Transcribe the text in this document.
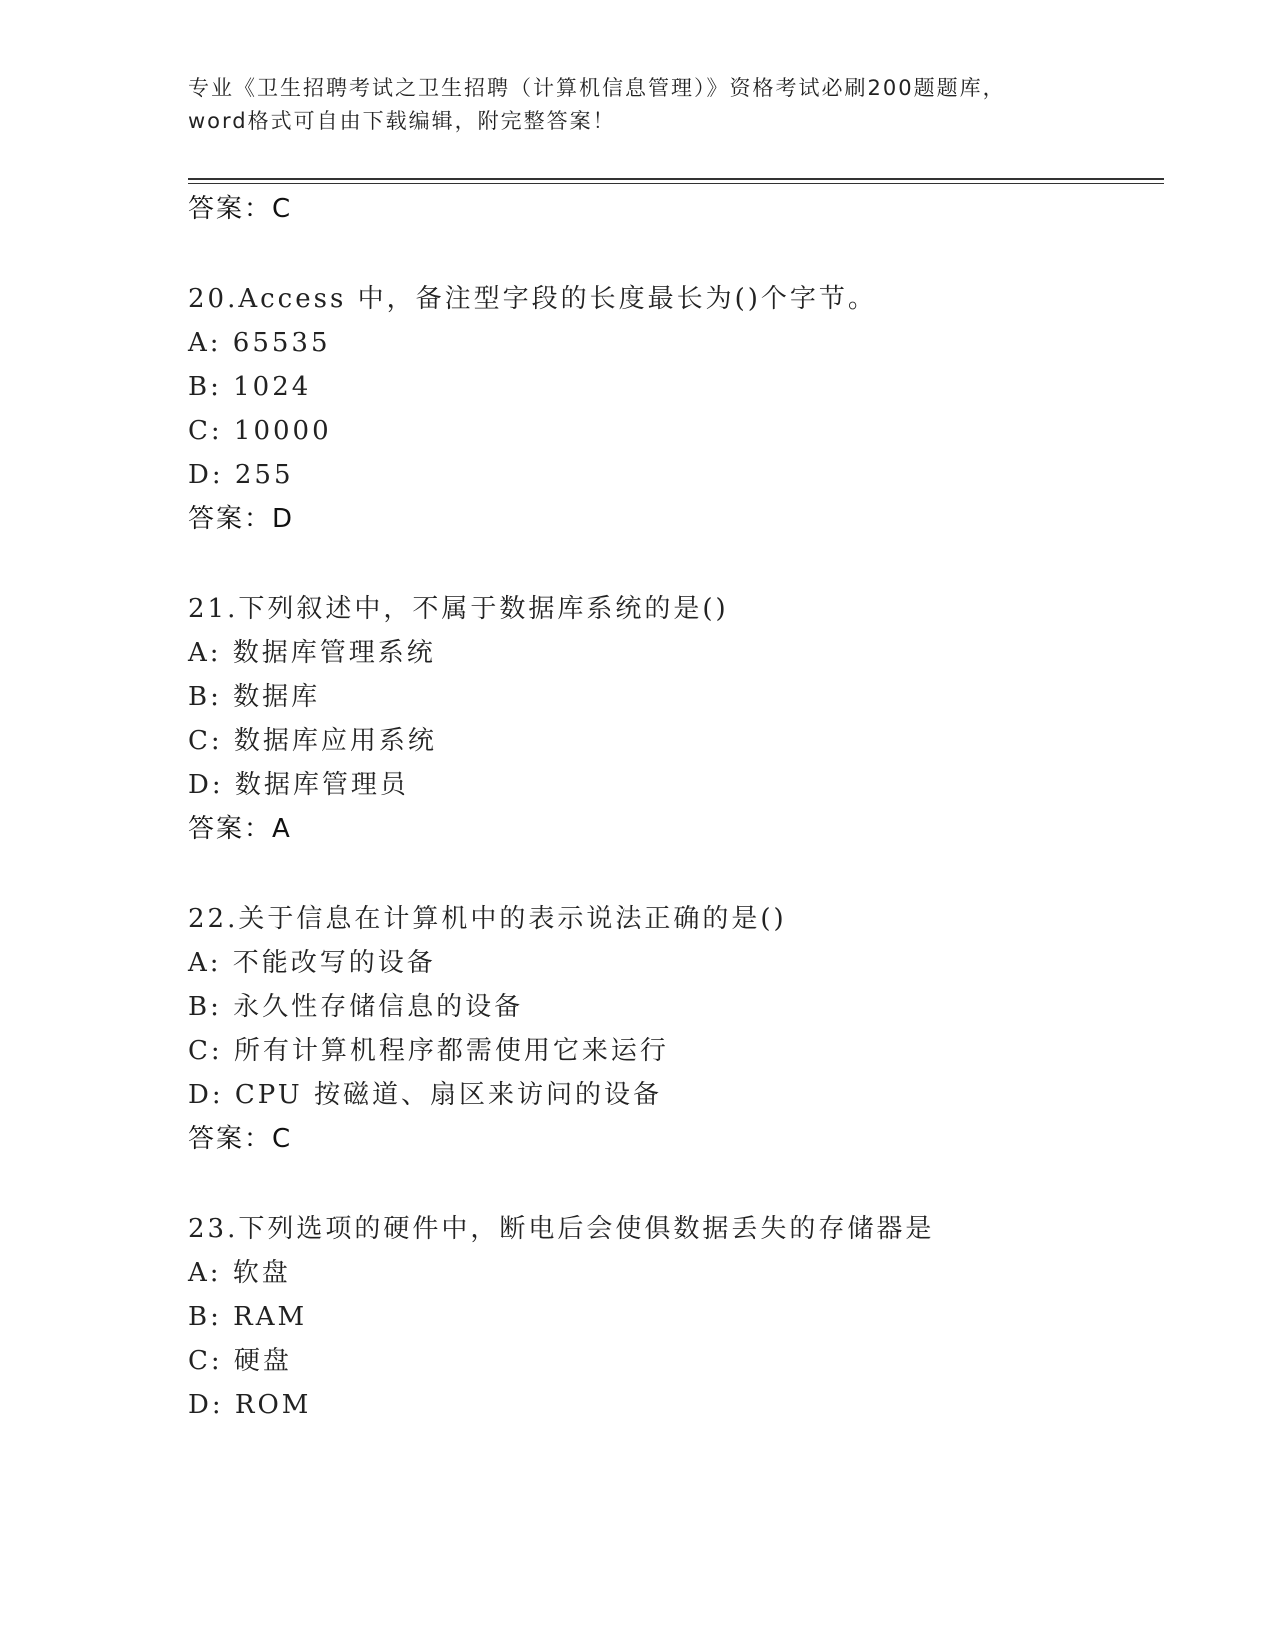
专业《卫生招聘考试之卫生招聘（计算机信息管理）》资格考试必刷200题题库，
word格式可自由下载编辑，附完整答案！
答案：C
20.Access 中，备注型字段的长度最长为()个字节。
A: 65535
B: 1024
C: 10000
D: 255
答案：D
21.下列叙述中，不属于数据库系统的是()
A: 数据库管理系统
B: 数据库
C: 数据库应用系统
D: 数据库管理员
答案：A
22.关于信息在计算机中的表示说法正确的是()
A: 不能改写的设备
B: 永久性存储信息的设备
C: 所有计算机程序都需使用它来运行
D: CPU 按磁道、扇区来访问的设备
答案：C
23.下列选项的硬件中，断电后会使俱数据丢失的存储器是
A: 软盘
B: RAM
C: 硬盘
D: ROM
